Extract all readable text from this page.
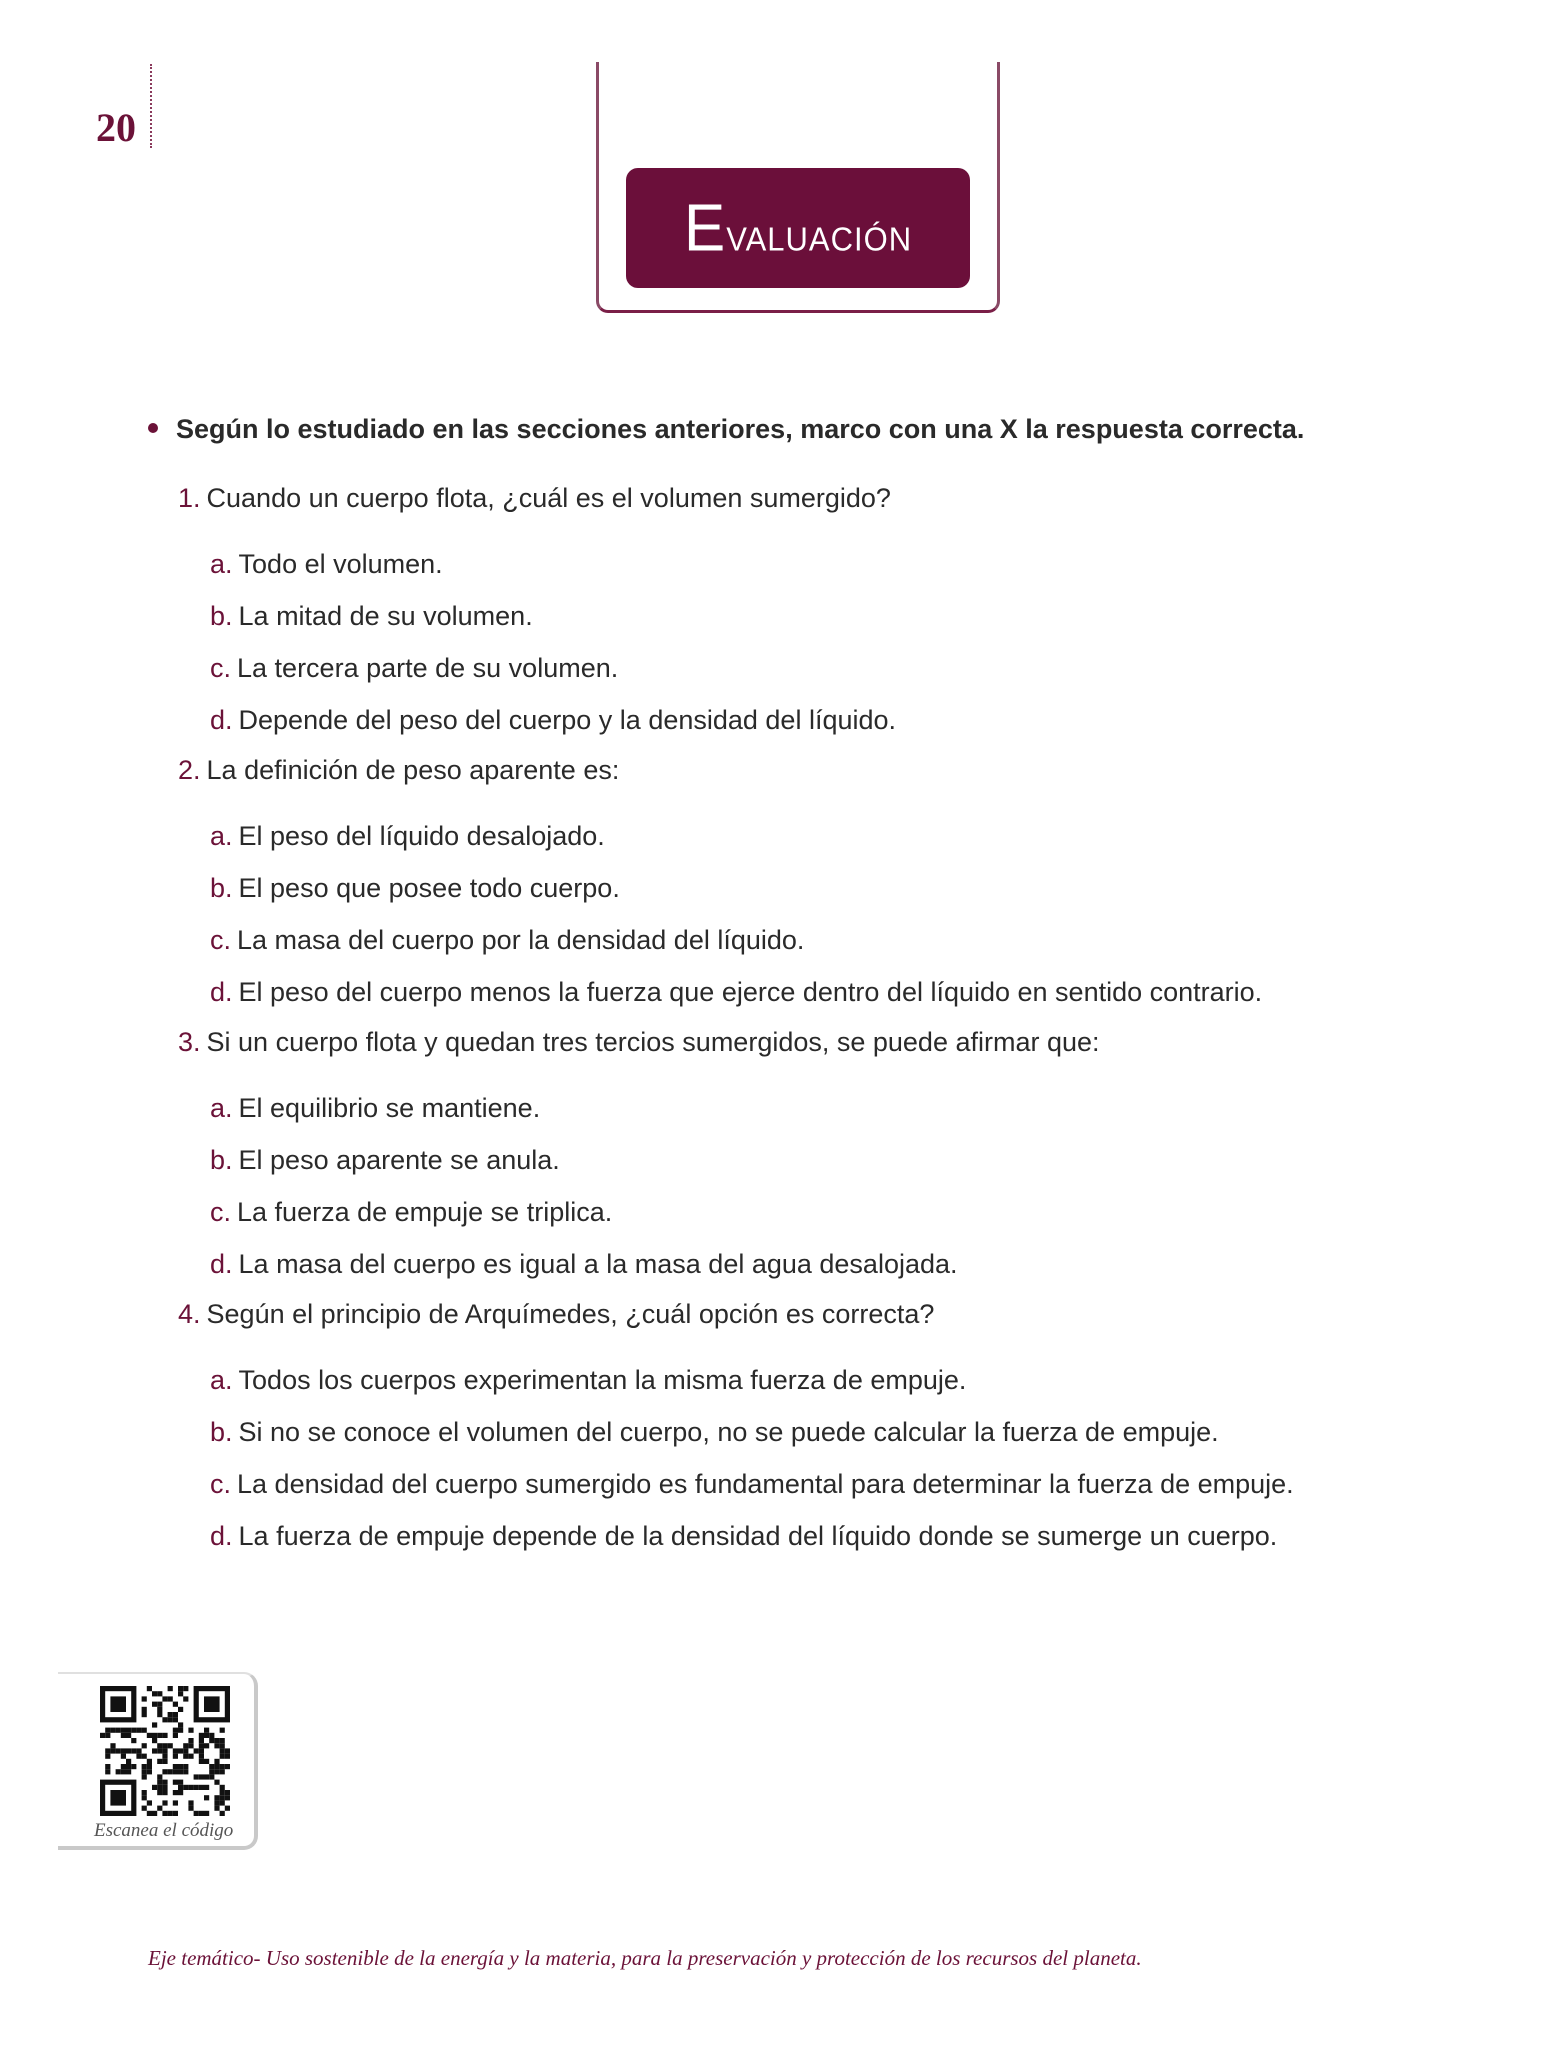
20
Evaluación
Según lo estudiado en las secciones anteriores, marco con una X la respuesta correcta.

1. Cuando un cuerpo flota, ¿cuál es el volumen sumergido?

a. Todo el volumen.
b. La mitad de su volumen.
c. La tercera parte de su volumen.
d. Depende del peso del cuerpo y la densidad del líquido.

2. La definición de peso aparente es:

a. El peso del líquido desalojado.
b. El peso que posee todo cuerpo.
c. La masa del cuerpo por la densidad del líquido.
d. El peso del cuerpo menos la fuerza que ejerce dentro del líquido en sentido contrario.

3. Si un cuerpo flota y quedan tres tercios sumergidos, se puede afirmar que:

a. El equilibrio se mantiene.
b. El peso aparente se anula.
c. La fuerza de empuje se triplica.
d. La masa del cuerpo es igual a la masa del agua desalojada.

4. Según el principio de Arquímedes, ¿cuál opción es correcta?

a. Todos los cuerpos experimentan la misma fuerza de empuje.
b. Si no se conoce el volumen del cuerpo, no se puede calcular la fuerza de empuje.
c. La densidad del cuerpo sumergido es fundamental para determinar la fuerza de empuje.
d. La fuerza de empuje depende de la densidad del líquido donde se sumerge un cuerpo.
Escanea el código
Eje temático- Uso sostenible de la energía y la materia, para la preservación y protección de los recursos del planeta.
